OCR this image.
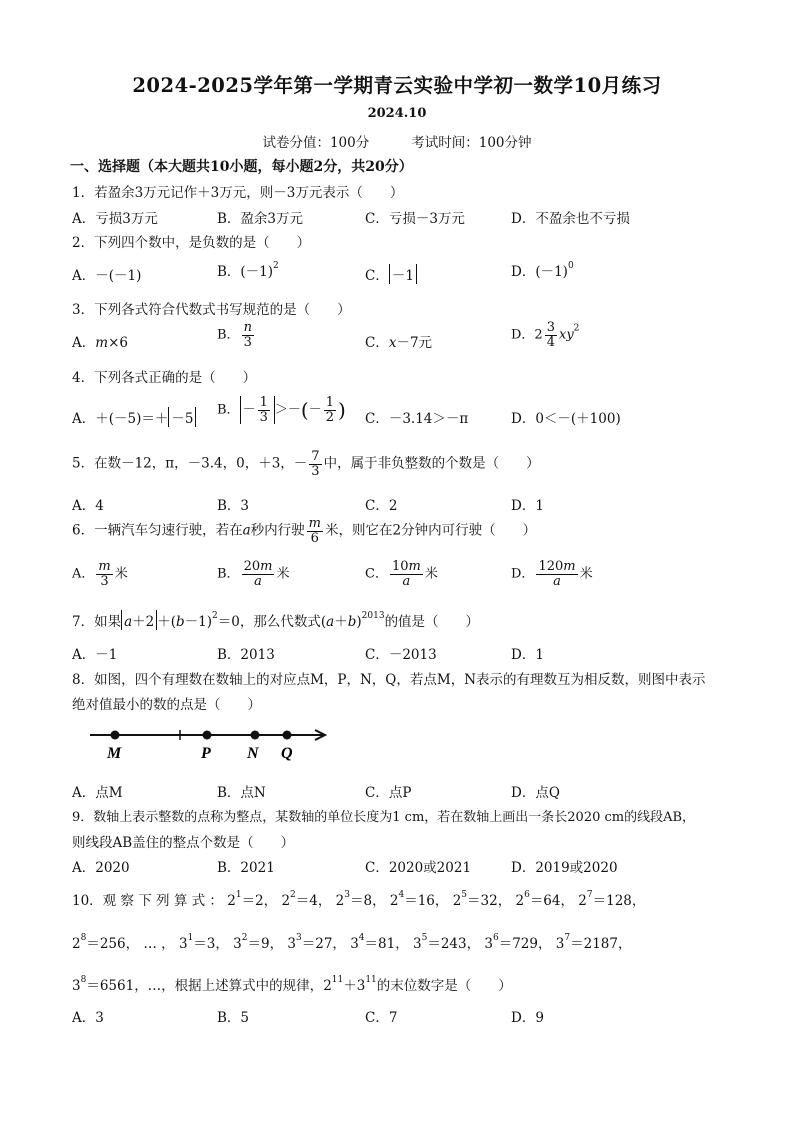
2024-2025学年第一学期青云实验中学初一数学10月练习
2024.10
试卷分值：100分	考试时间：100分钟
一、选择题（本大题共10小题，每小题2分，共20分）
1．若盈余3万元记作＋3万元，则－3万元表示（　　）
A．亏损3万元	B．盈余3万元	C．亏损－3万元	D．不盈余也不亏损
2．下列四个数中，是负数的是（　　）
A．－(－1)	B．$(-1)^2$
C． －1	D．$(-1)^0$
3．下列各式符合代数式书写规范的是（　　）
A．m×6	B． $\frac{n}{3}$	C．x－7元	D．$2 \frac{3}{4} xy^2$
4．下列各式正确的是（　　）
A．＋(－5)＝＋ －5
B． － $\frac{1}{3}$ ＞－(－ $\frac{1}{2}$ ) C．－3.14＞－π	D．0＜－(＋100)
5．在数－12，π，－3.4，0，＋3，－ $\frac{7}{3}$ 中，属于非负整数的个数是（　　）
A．4	B．3	C．2	D．1
6．一辆汽车匀速行驶，若在a秒内行驶 $\frac{m}{6}$ 米，则它在2分钟内可行驶（　　）
A． $\frac{m}{3}$ 米	B． $\frac{20m}{a}$ 米	C． $\frac{10m}{a}$ 米	D． $\frac{120m}{a}$ 米
7．如果 $a+2 +(b-1)^2=0$，那么代数式$(a+b)^{2013}$的值是（　　）
A．－1	B．2013	C．－2013	D．1
8．如图，四个有理数在数轴上的对应点M，P，N，Q，若点M，N表示的有理数互为相反数，则图中表示
绝对值最小的数的点是（　　）
M	P N Q
A．点M	B．点N	C．点P	D．点Q
9．数轴上表示整数的点称为整点，某数轴的单位长度为1 cm，若在数轴上画出一条长2020 cm的线段AB，
则线段AB盖住的整点个数是（　　）
A．2020	B．2021	C．2020或2021	D．2019或2020
10．观 察 下 列 算 式 ： $2^1=2$， $2^2=4$， $2^3=8$， $2^4=16$， $2^5=32$， $2^6=64$， $2^7=128$，
$2^8=256$， … ， $3^1=3$， $3^2=9$， $3^3=27$， $3^4=81$， $3^5=243$， $3^6=729$， $3^7=2187$，
$3^8=6561$，…，根据上述算式中的规律，$2^{11}+3^{11}$的末位数字是（　　）
A．3	B．5	C．7	D．9
